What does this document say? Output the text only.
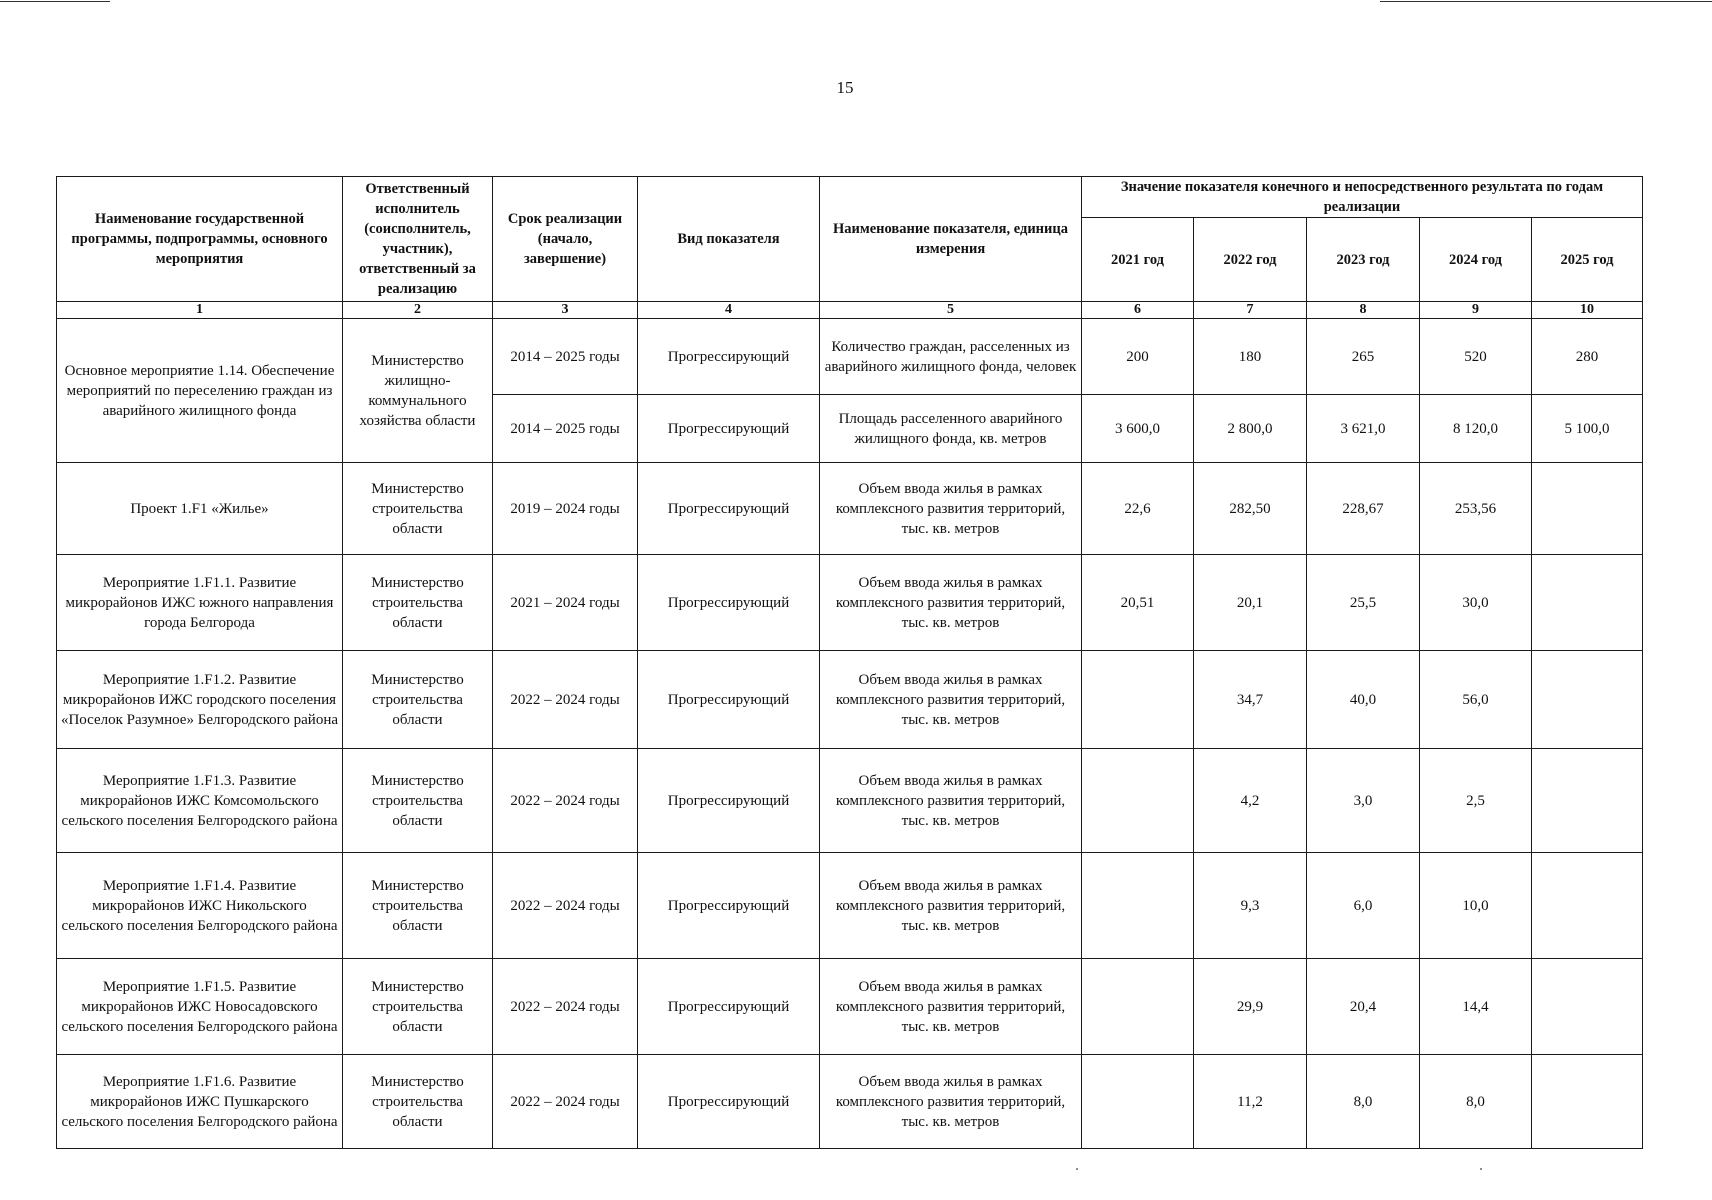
15
Наименование государственной программы, подпрограммы, основного мероприятия	Ответственный исполнитель (соисполнитель, участник), ответственный за реализацию	Срок реализации (начало, завершение)	Вид показателя	Наименование показателя, единица измерения	Значение показателя конечного и непосредственного результата по годам реализации				
					2021 год	2022 год	2023 год	2024 год	2025 год
1	2	3	4	5	6	7	8	9	10
Основное мероприятие 1.14. Обеспечение мероприятий по переселению граждан из аварийного жилищного фонда	Министерство жилищно-коммунального хозяйства области	2014 – 2025 годы	Прогрессирующий	Количество граждан, расселенных из аварийного жилищного фонда, человек	200	180	265	520	280
		2014 – 2025 годы	Прогрессирующий	Площадь расселенного аварийного жилищного фонда, кв. метров	3 600,0	2 800,0	3 621,0	8 120,0	5 100,0
Проект 1.F1 «Жилье»	Министерство строительства области	2019 – 2024 годы	Прогрессирующий	Объем ввода жилья в рамках комплексного развития территорий, тыс. кв. метров	22,6	282,50	228,67	253,56	
Мероприятие 1.F1.1. Развитие микрорайонов ИЖС южного направления города Белгорода	Министерство строительства области	2021 – 2024 годы	Прогрессирующий	Объем ввода жилья в рамках комплексного развития территорий, тыс. кв. метров	20,51	20,1	25,5	30,0	
Мероприятие 1.F1.2. Развитие микрорайонов ИЖС городского поселения «Поселок Разумное» Белгородского района	Министерство строительства области	2022 – 2024 годы	Прогрессирующий	Объем ввода жилья в рамках комплексного развития территорий, тыс. кв. метров		34,7	40,0	56,0	
Мероприятие 1.F1.3. Развитие микрорайонов ИЖС Комсомольского сельского поселения Белгородского района	Министерство строительства области	2022 – 2024 годы	Прогрессирующий	Объем ввода жилья в рамках комплексного развития территорий, тыс. кв. метров		4,2	3,0	2,5	
Мероприятие 1.F1.4. Развитие микрорайонов ИЖС Никольского сельского поселения Белгородского района	Министерство строительства области	2022 – 2024 годы	Прогрессирующий	Объем ввода жилья в рамках комплексного развития территорий, тыс. кв. метров		9,3	6,0	10,0	
Мероприятие 1.F1.5. Развитие микрорайонов ИЖС Новосадовского сельского поселения Белгородского района	Министерство строительства области	2022 – 2024 годы	Прогрессирующий	Объем ввода жилья в рамках комплексного развития территорий, тыс. кв. метров		29,9	20,4	14,4	
Мероприятие 1.F1.6. Развитие микрорайонов ИЖС Пушкарского сельского поселения Белгородского района	Министерство строительства области	2022 – 2024 годы	Прогрессирующий	Объем ввода жилья в рамках комплексного развития территорий, тыс. кв. метров		11,2	8,0	8,0	
